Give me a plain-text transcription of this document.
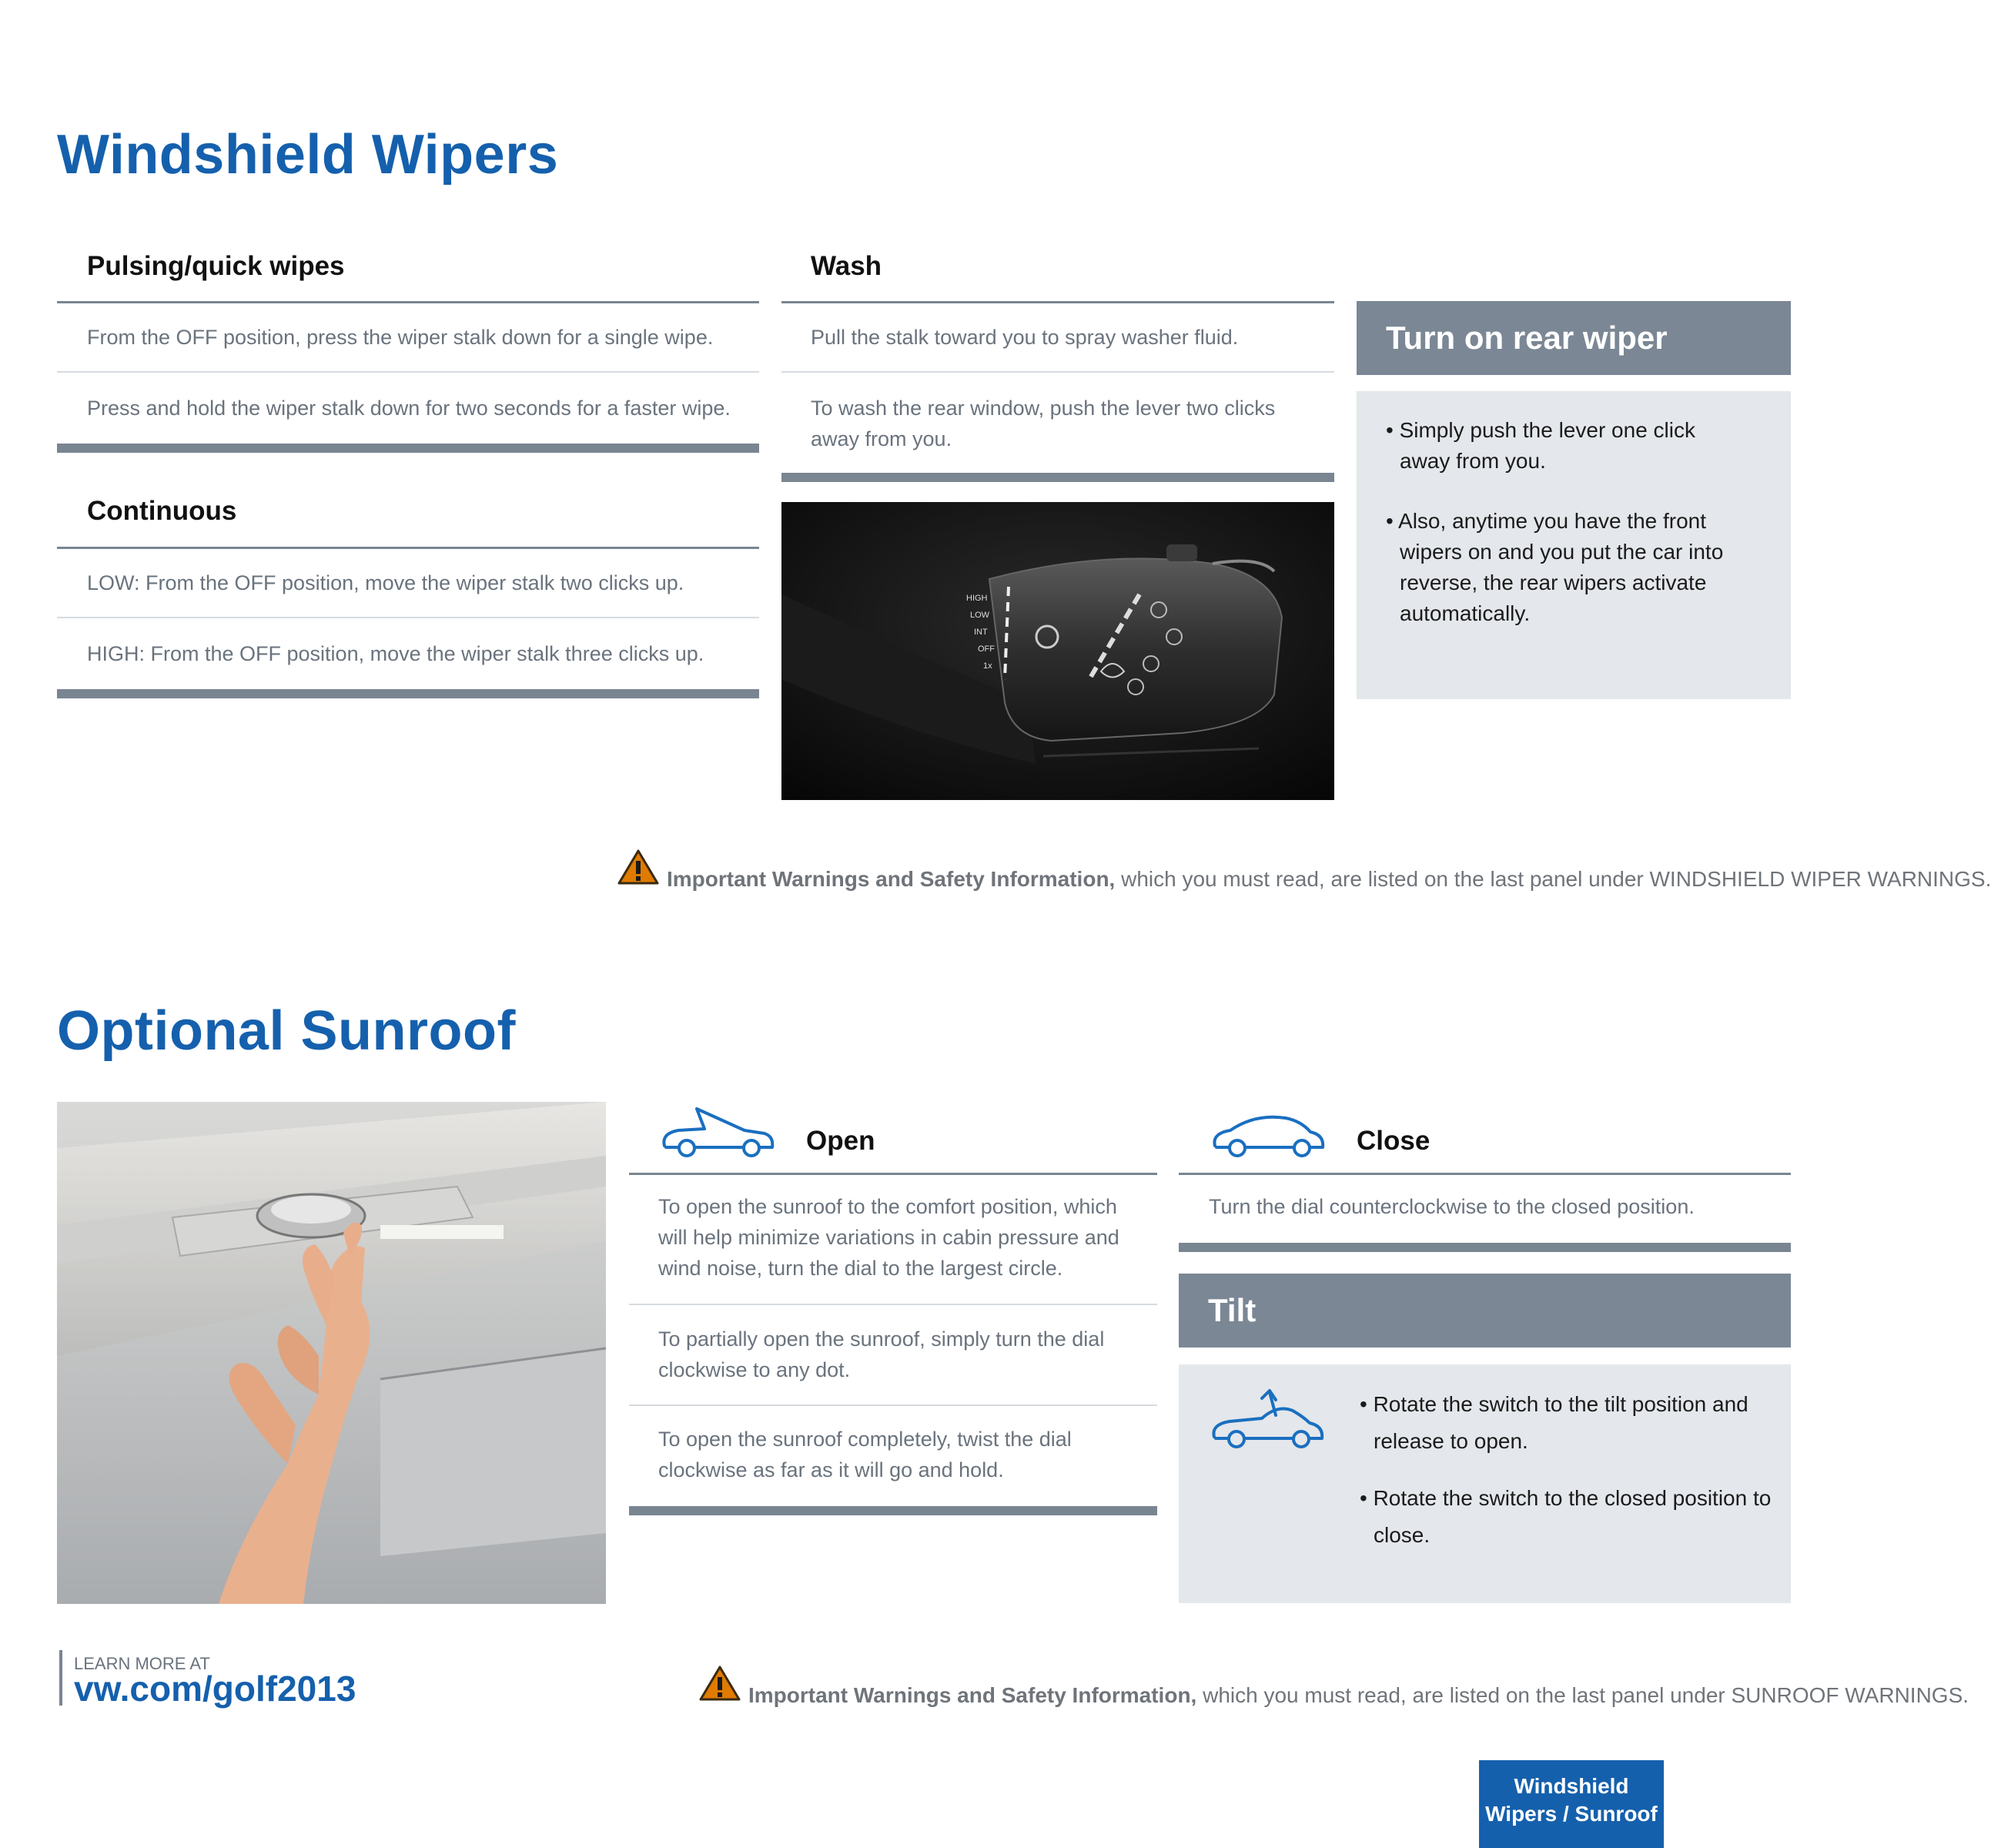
Windshield Wipers
Pulsing/quick wipes
From the OFF position, press the wiper stalk down for a single wipe.
Press and hold the wiper stalk down for two seconds for a faster wipe.
Continuous
LOW: From the OFF position, move the wiper stalk two clicks up.
HIGH: From the OFF position, move the wiper stalk three clicks up.
Wash
Pull the stalk toward you to spray washer fluid.
To wash the rear window, push the lever two clicks away from you.
HIGH
LOW
INT
OFF
1x
Turn on rear wiper
• Simply push the lever one click away from you.
• Also, anytime you have the front wipers on and you put the car into reverse, the rear wipers activate automatically.
Important Warnings and Safety Information, which you must read, are listed on the last panel under WINDSHIELD WIPER WARNINGS.
Optional Sunroof
Open
To open the sunroof to the comfort position, which will help minimize variations in cabin pressure and wind noise, turn the dial to the largest circle.
To partially open the sunroof, simply turn the dial clockwise to any dot.
To open the sunroof completely, twist the dial clockwise as far as it will go and hold.
Close
Turn the dial counterclockwise to the closed position.
Tilt
• Rotate the switch to the tilt position and release to open.
• Rotate the switch to the closed position to close.
LEARN MORE AT
vw.com/golf2013	Important Warnings and Safety Information, which you must read, are listed on the last panel under SUNROOF WARNINGS.
Windshield
Wipers / Sunroof
